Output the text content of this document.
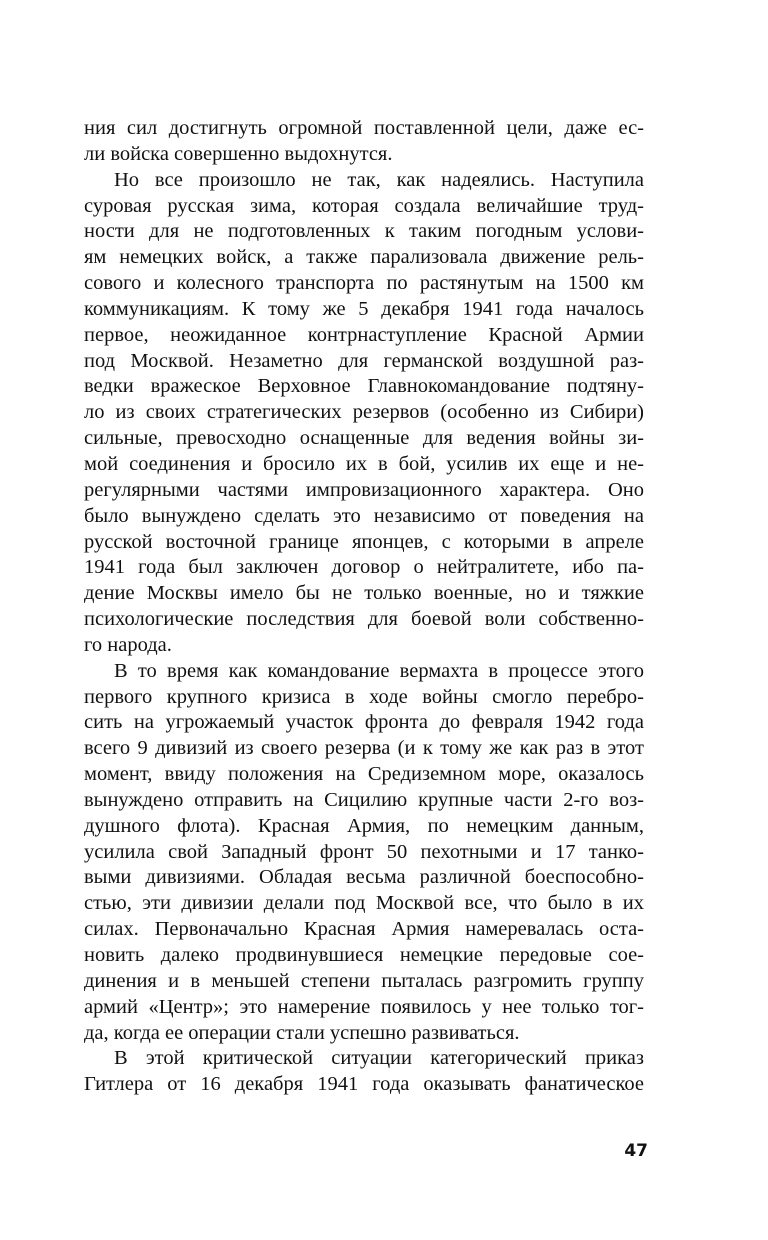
ния сил достигнуть огромной поставленной цели, даже ес-
ли войска совершенно выдохнутся.
Но все произошло не так, как надеялись. Наступила
суровая русская зима, которая создала величайшие труд-
ности для не подготовленных к таким погодным услови-
ям немецких войск, а также парализовала движение рель-
сового и колесного транспорта по растянутым на 1500 км
коммуникациям. К тому же 5 декабря 1941 года началось
первое, неожиданное контрнаступление Красной Армии
под Москвой. Незаметно для германской воздушной раз-
ведки вражеское Верховное Главнокомандование подтяну-
ло из своих стратегических резервов (особенно из Сибири)
сильные, превосходно оснащенные для ведения войны зи-
мой соединения и бросило их в бой, усилив их еще и не-
регулярными частями импровизационного характера. Оно
было вынуждено сделать это независимо от поведения на
русской восточной границе японцев, с которыми в апреле
1941 года был заключен договор о нейтралитете, ибо па-
дение Москвы имело бы не только военные, но и тяжкие
психологические последствия для боевой воли собственно-
го народа.
В то время как командование вермахта в процессе этого
первого крупного кризиса в ходе войны смогло перебро-
сить на угрожаемый участок фронта до февраля 1942 года
всего 9 дивизий из своего резерва (и к тому же как раз в этот
момент, ввиду положения на Средиземном море, оказалось
вынуждено отправить на Сицилию крупные части 2-го воз-
душного флота). Красная Армия, по немецким данным,
усилила свой Западный фронт 50 пехотными и 17 танко-
выми дивизиями. Обладая весьма различной боеспособно-
стью, эти дивизии делали под Москвой все, что было в их
силах. Первоначально Красная Армия намеревалась оста-
новить далеко продвинувшиеся немецкие передовые сое-
динения и в меньшей степени пыталась разгромить группу
армий «Центр»; это намерение появилось у нее только тог-
да, когда ее операции стали успешно развиваться.
В этой критической ситуации категорический приказ
Гитлера от 16 декабря 1941 года оказывать фанатическое
47
